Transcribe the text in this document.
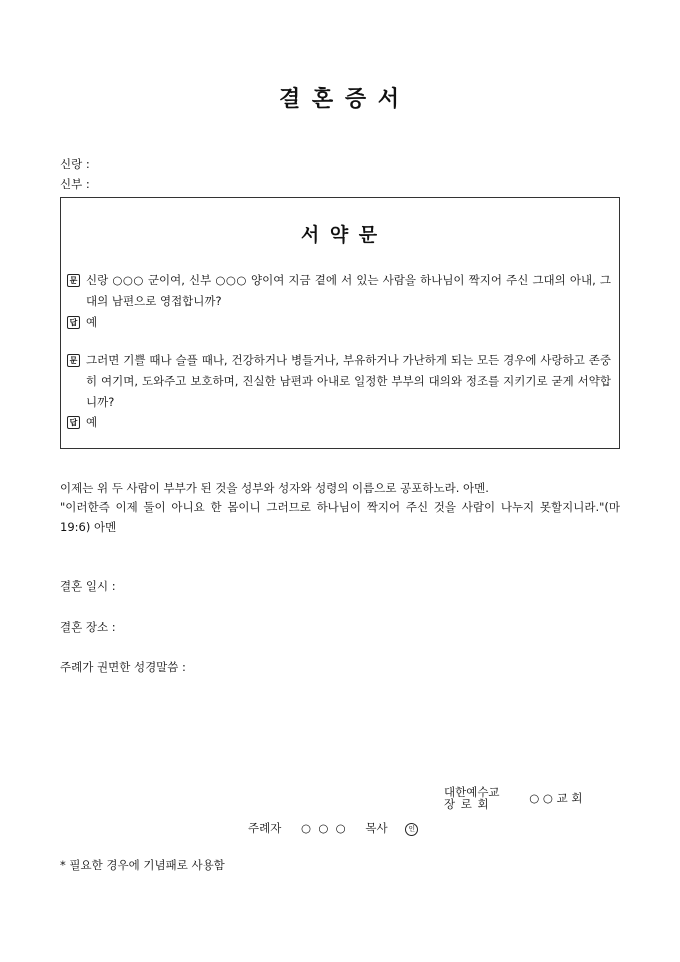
결 혼 증 서
신랑 :
신부 :
서 약 문
문 신랑 ○○○ 군이여, 신부 ○○○ 양이여 지금 곁에 서 있는 사람을 하나님이 짝지어 주신 그대의 아내, 그대의 남편으로 영접합니까?
답 예
문 그러면 기쁠 때나 슬플 때나, 건강하거나 병들거나, 부유하거나 가난하게 되는 모든 경우에 사랑하고 존중히 여기며, 도와주고 보호하며, 진실한 남편과 아내로 일정한 부부의 대의와 정조를 지키기로 굳게 서약합니까?
답 예
이제는 위 두 사람이 부부가 된 것을 성부와 성자와 성령의 이름으로 공포하노라. 아멘.
"이러한즉 이제 둘이 아니요 한 몸이니 그러므로 하나님이 짝지어 주신 것을 사람이 나누지 못할지니라."(마19:6) 아멘
결혼 일시 :
결혼 장소 :
주례가 권면한 성경말씀 :
대한예수교
장 로 회	○ ○ 교 회
주례자 ○  ○  ○ 목사	인
* 필요한 경우에 기념패로 사용함
